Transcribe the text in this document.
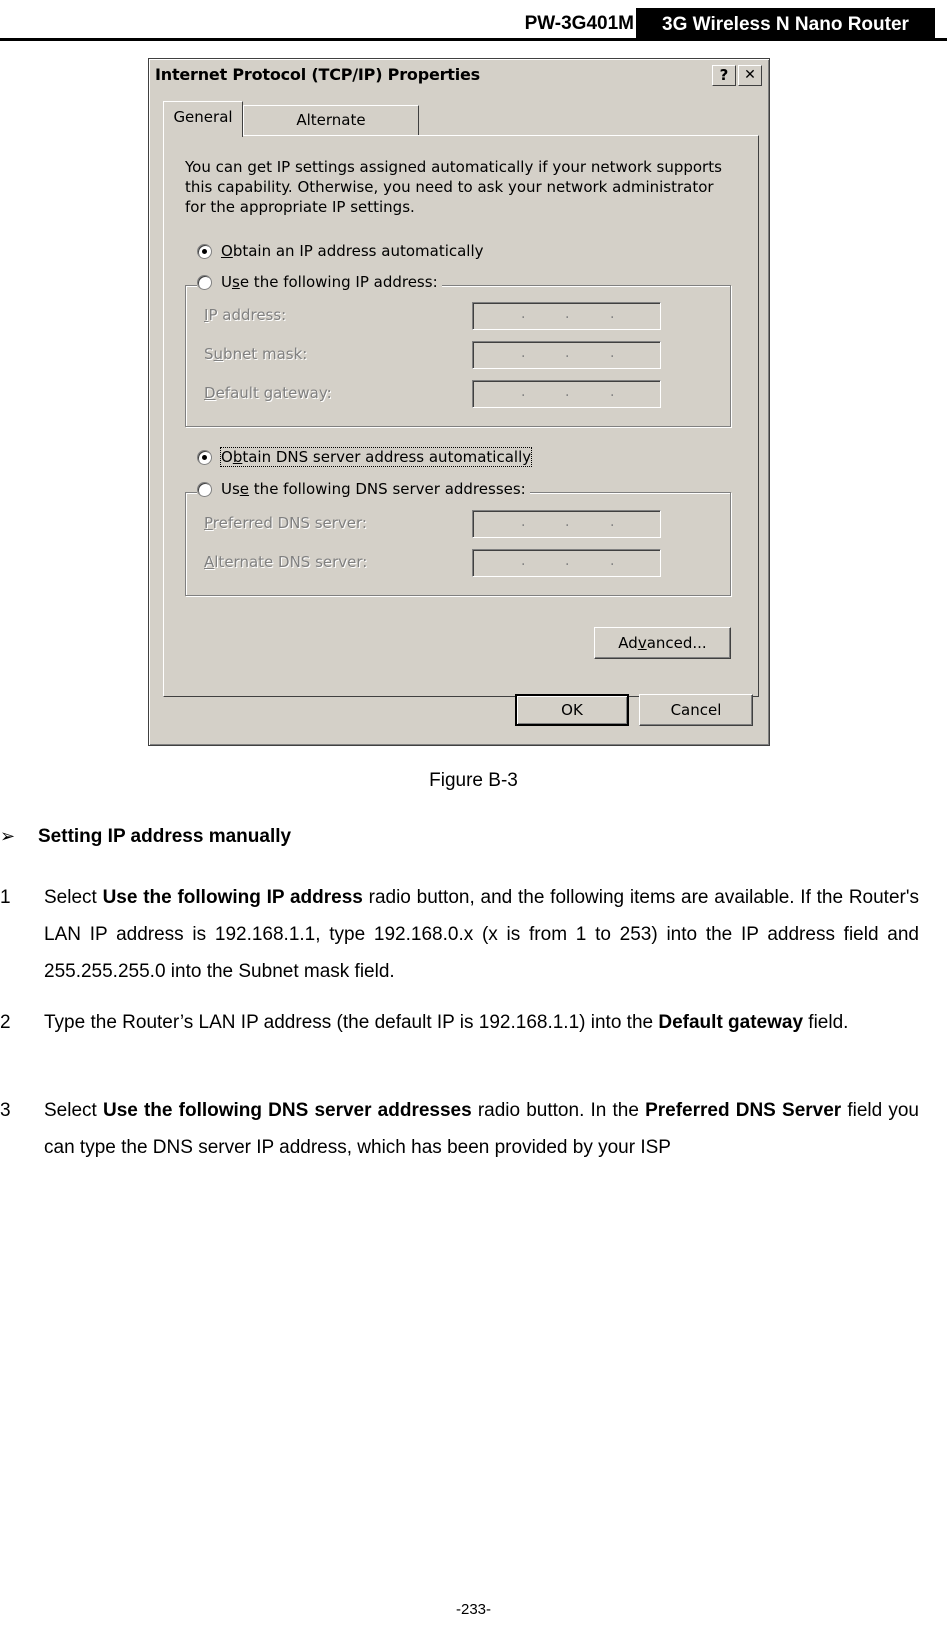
PW-3G401M	3G Wireless N Nano Router
Internet Protocol (TCP/IP) Properties	?	✕
General	Alternate
You can get IP settings assigned automatically if your network supports this capability. Otherwise, you need to ask your network administrator for the appropriate IP settings.
Obtain an IP address automatically
Use the following IP address:
IP address:	.	.	.
Subnet mask:	.	.	.
Default gateway:	.	.	.
Obtain DNS server address automatically
Use the following DNS server addresses:
Preferred DNS server:	.	.	.
Alternate DNS server:	.	.	.
Advanced...
OK	Cancel
Figure B-3
➢ Setting IP address manually
1 Select Use the following IP address radio button, and the following items are available. If the Router's LAN IP address is 192.168.1.1, type 192.168.0.x (x is from 1 to 253) into the IP address field and 255.255.255.0 into the Subnet mask field.
2 Type the Router’s LAN IP address (the default IP is 192.168.1.1) into the Default gateway field.
3 Select Use the following DNS server addresses radio button. In the Preferred DNS Server field you can type the DNS server IP address, which has been provided by your ISP
-233-
